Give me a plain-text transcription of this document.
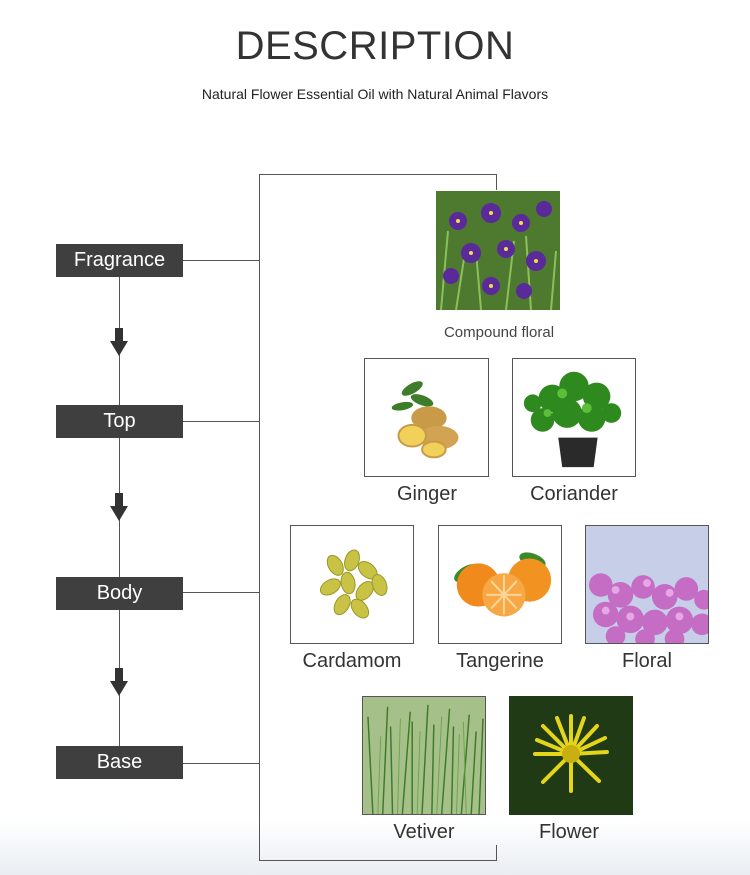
DESCRIPTION
Natural Flower Essential Oil with Natural Animal Flavors
Fragrance
Top
Body
Base
Compound floral
Ginger	Coriander
Cardamom	Tangerine	Floral
Vetiver	Flower
